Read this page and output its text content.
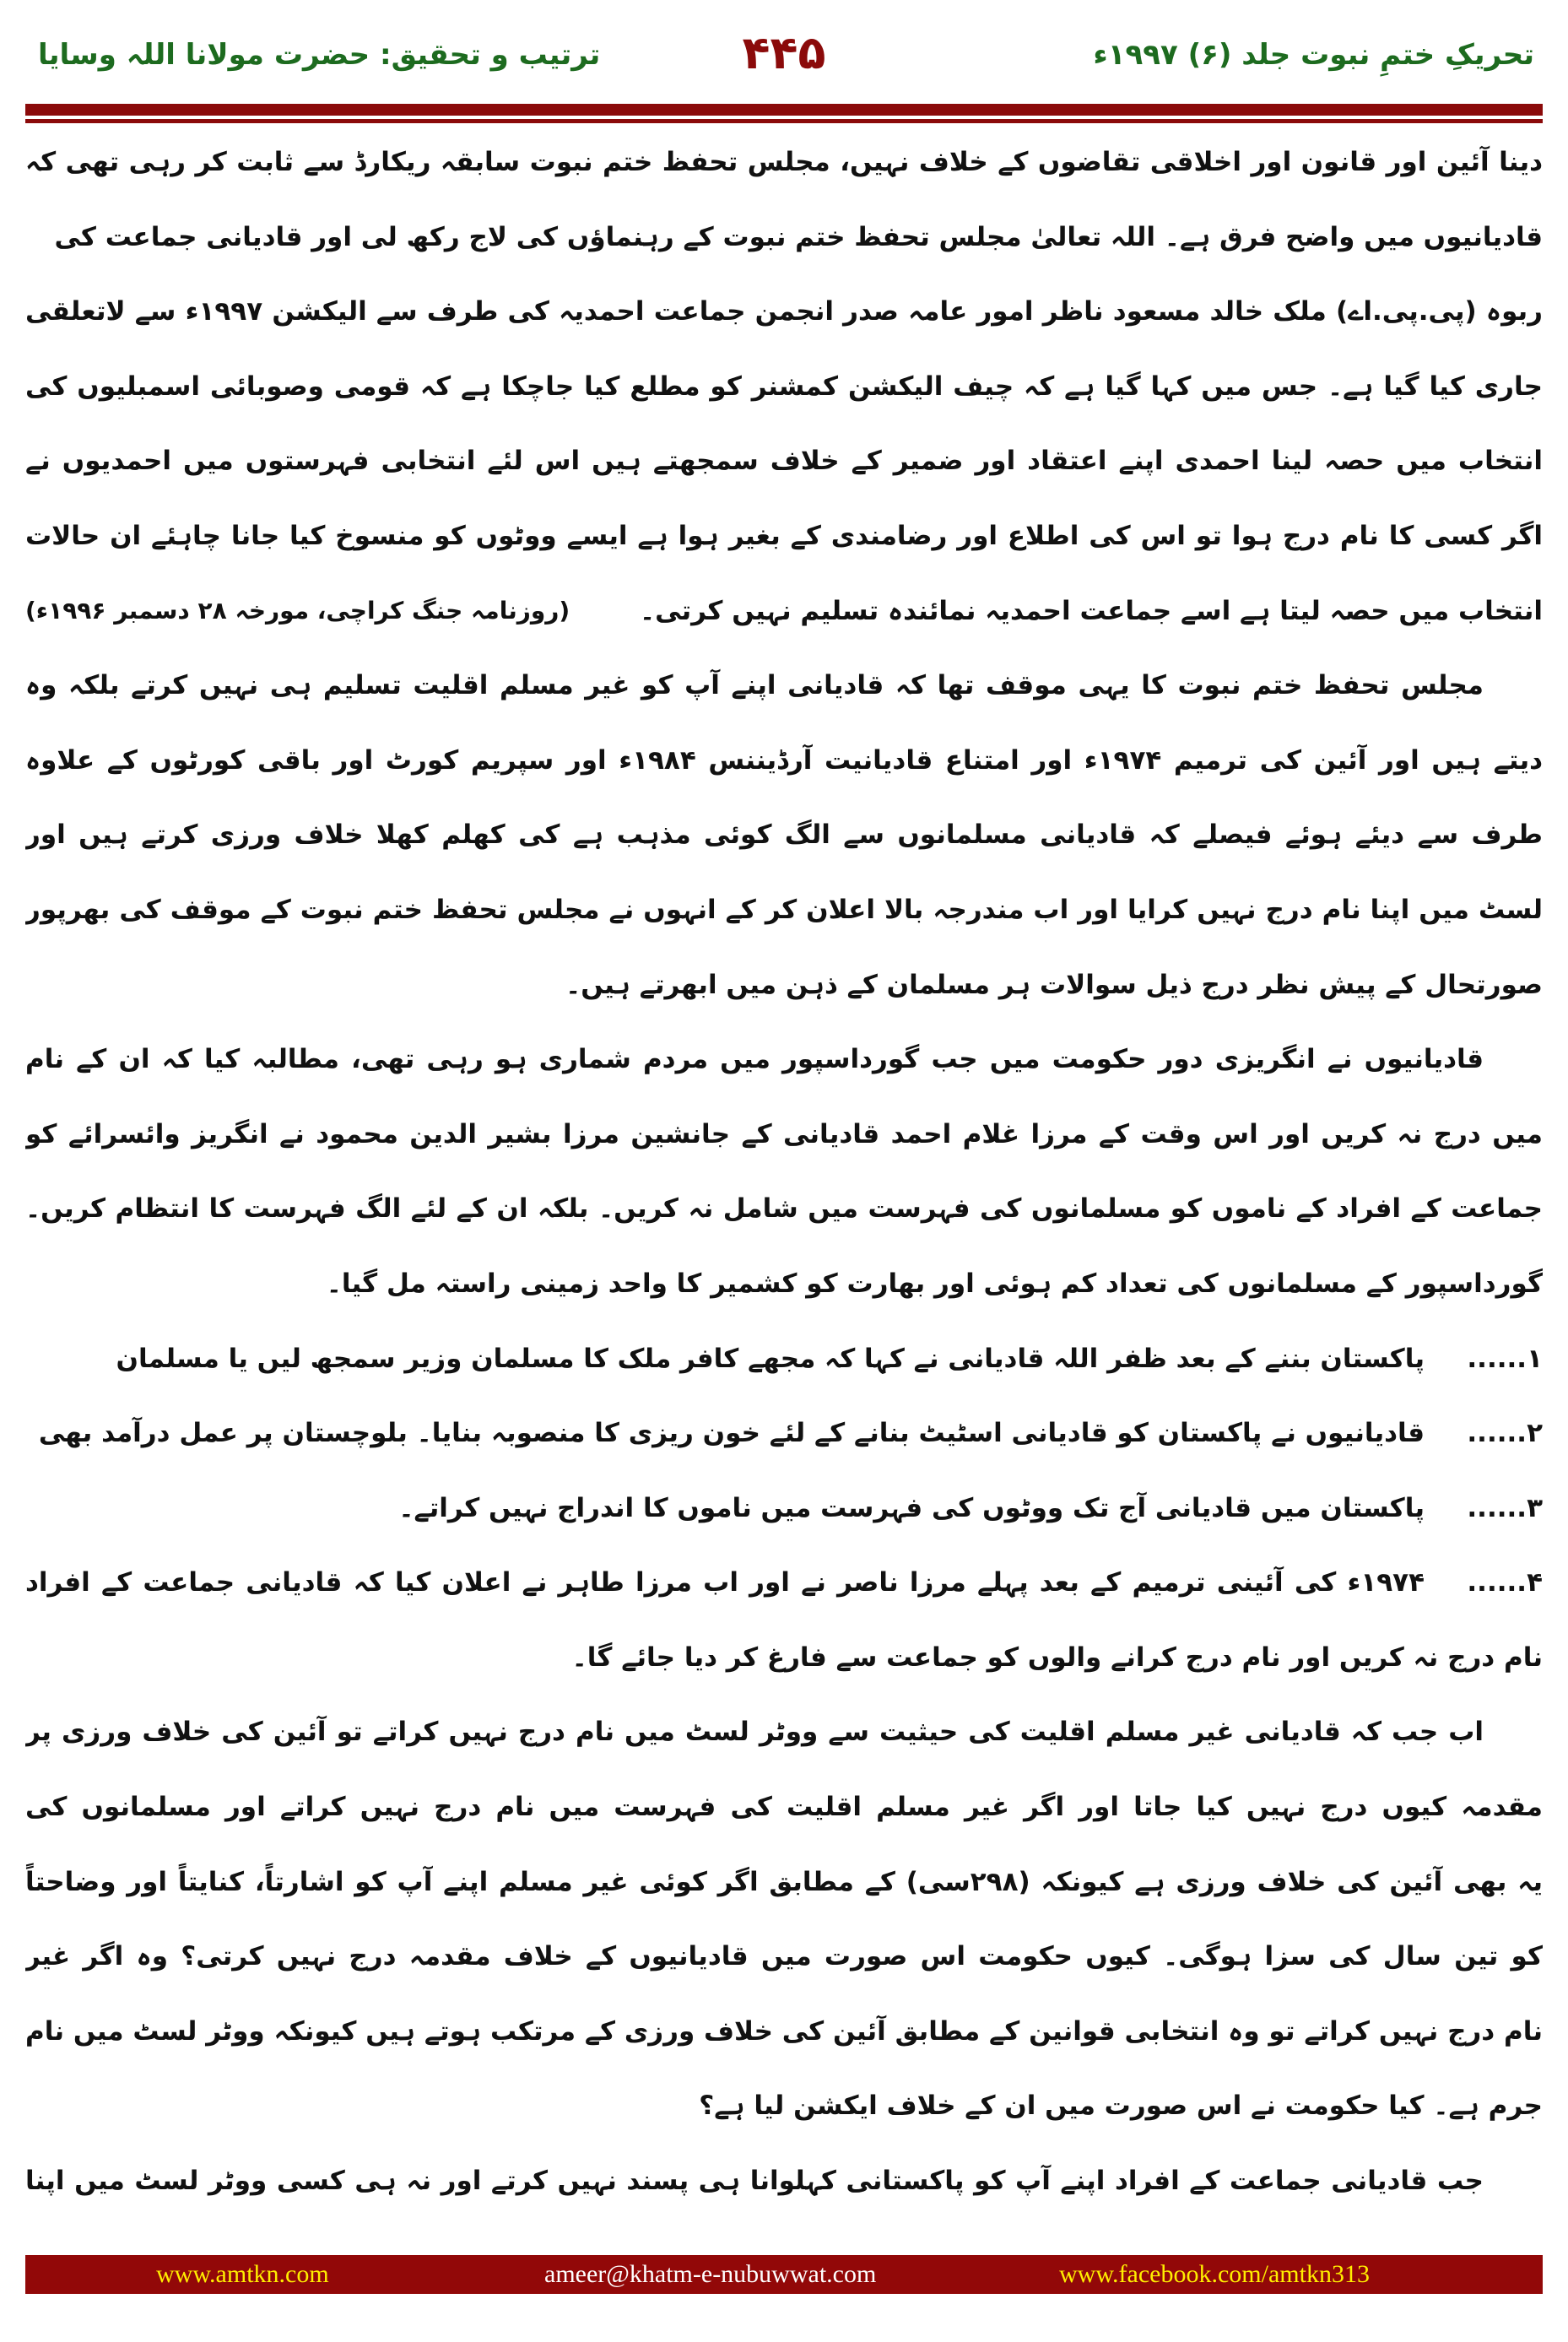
تحریکِ ختمِ نبوت جلد (۶) ۱۹۹۷ء
۴۴۵
ترتیب و تحقیق: حضرت مولانا اللہ وسایا
دینا آئین اور قانون اور اخلاقی تقاضوں کے خلاف نہیں، مجلس تحفظ ختم نبوت سابقہ ریکارڈ سے ثابت کر رہی تھی کہ
قادیانیوں میں واضح فرق ہے۔ اللہ تعالیٰ مجلس تحفظ ختم نبوت کے رہنماؤں کی لاج رکھ لی اور قادیانی جماعت کی
ربوہ (پی.پی.اے) ملک خالد مسعود ناظر امور عامہ صدر انجمن جماعت احمدیہ کی طرف سے الیکشن ۱۹۹۷ء سے لاتعلقی
جاری کیا گیا ہے۔ جس میں کہا گیا ہے کہ چیف الیکشن کمشنر کو مطلع کیا جاچکا ہے کہ قومی وصوبائی اسمبلیوں کی
انتخاب میں حصہ لینا احمدی اپنے اعتقاد اور ضمیر کے خلاف سمجھتے ہیں اس لئے انتخابی فہرستوں میں احمدیوں نے
اگر کسی کا نام درج ہوا تو اس کی اطلاع اور رضامندی کے بغیر ہوا ہے ایسے ووٹوں کو منسوخ کیا جانا چاہئے ان حالات
انتخاب میں حصہ لیتا ہے اسے جماعت احمدیہ نمائندہ تسلیم نہیں کرتی۔
(روزنامہ جنگ کراچی، مورخہ ۲۸ دسمبر ۱۹۹۶ء)
مجلس تحفظ ختم نبوت کا یہی موقف تھا کہ قادیانی اپنے آپ کو غیر مسلم اقلیت تسلیم ہی نہیں کرتے بلکہ وہ
دیتے ہیں اور آئین کی ترمیم ۱۹۷۴ء اور امتناع قادیانیت آرڈیننس ۱۹۸۴ء اور سپریم کورٹ اور باقی کورٹوں کے علاوہ
طرف سے دیئے ہوئے فیصلے کہ قادیانی مسلمانوں سے الگ کوئی مذہب ہے کی کھلم کھلا خلاف ورزی کرتے ہیں اور
لسٹ میں اپنا نام درج نہیں کرایا اور اب مندرجہ بالا اعلان کر کے انہوں نے مجلس تحفظ ختم نبوت کے موقف کی بھرپور
صورتحال کے پیش نظر درج ذیل سوالات ہر مسلمان کے ذہن میں ابھرتے ہیں۔
قادیانیوں نے انگریزی دور حکومت میں جب گورداسپور میں مردم شماری ہو رہی تھی، مطالبہ کیا کہ ان کے نام
میں درج نہ کریں اور اس وقت کے مرزا غلام احمد قادیانی کے جانشین مرزا بشیر الدین محمود نے انگریز وائسرائے کو
جماعت کے افراد کے ناموں کو مسلمانوں کی فہرست میں شامل نہ کریں۔ بلکہ ان کے لئے الگ فہرست کا انتظام کریں۔
گورداسپور کے مسلمانوں کی تعداد کم ہوئی اور بھارت کو کشمیر کا واحد زمینی راستہ مل گیا۔
۱......
پاکستان بننے کے بعد ظفر اللہ قادیانی نے کہا کہ مجھے کافر ملک کا مسلمان وزیر سمجھ لیں یا مسلمان
۲......
قادیانیوں نے پاکستان کو قادیانی اسٹیٹ بنانے کے لئے خون ریزی کا منصوبہ بنایا۔ بلوچستان پر عمل درآمد بھی
۳......
پاکستان میں قادیانی آج تک ووٹوں کی فہرست میں ناموں کا اندراج نہیں کراتے۔
۴......
۱۹۷۴ء کی آئینی ترمیم کے بعد پہلے مرزا ناصر نے اور اب مرزا طاہر نے اعلان کیا کہ قادیانی جماعت کے افراد
نام درج نہ کریں اور نام درج کرانے والوں کو جماعت سے فارغ کر دیا جائے گا۔
اب جب کہ قادیانی غیر مسلم اقلیت کی حیثیت سے ووٹر لسٹ میں نام درج نہیں کراتے تو آئین کی خلاف ورزی پر
مقدمہ کیوں درج نہیں کیا جاتا اور اگر غیر مسلم اقلیت کی فہرست میں نام درج نہیں کراتے اور مسلمانوں کی
یہ بھی آئین کی خلاف ورزی ہے کیونکہ (۲۹۸سی) کے مطابق اگر کوئی غیر مسلم اپنے آپ کو اشارتاً، کنایتاً اور وضاحتاً
کو تین سال کی سزا ہوگی۔ کیوں حکومت اس صورت میں قادیانیوں کے خلاف مقدمہ درج نہیں کرتی؟ وہ اگر غیر
نام درج نہیں کراتے تو وہ انتخابی قوانین کے مطابق آئین کی خلاف ورزی کے مرتکب ہوتے ہیں کیونکہ ووٹر لسٹ میں نام
جرم ہے۔ کیا حکومت نے اس صورت میں ان کے خلاف ایکشن لیا ہے؟
جب قادیانی جماعت کے افراد اپنے آپ کو پاکستانی کہلوانا ہی پسند نہیں کرتے اور نہ ہی کسی ووٹر لسٹ میں اپنا
www.amtkn.com	ameer@khatm-e-nubuwwat.com	www.facebook.com/amtkn313
